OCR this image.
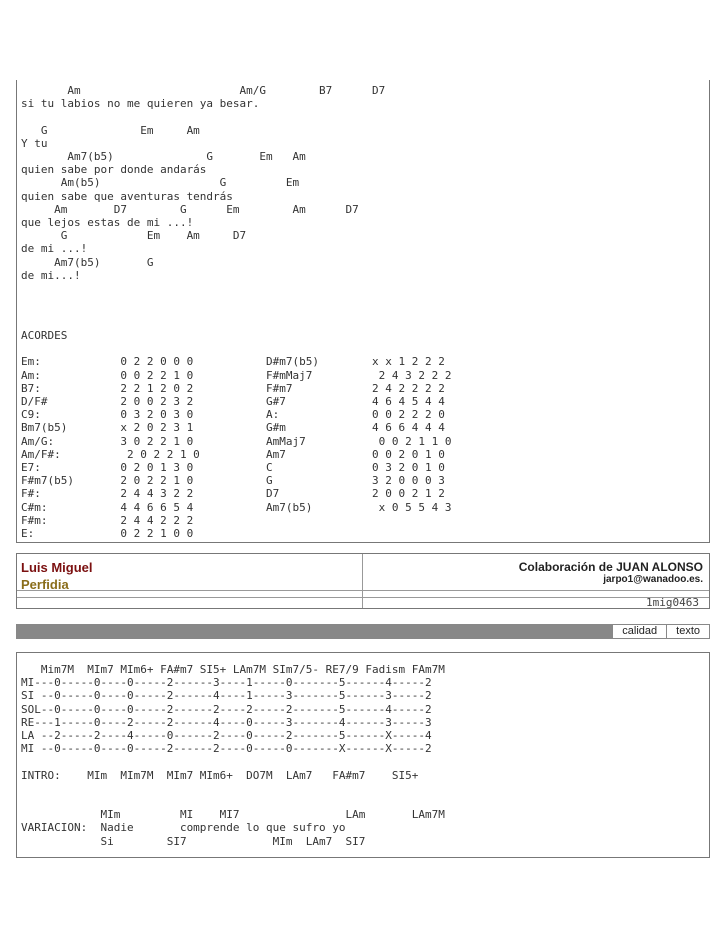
Am                        Am/G        B7      D7
si tu labios no me quieren ya besar.

G              Em     Am
Y tu
Am7(b5)              G       Em   Am
quien sabe por donde andarás
Am(b5)                  G         Em
quien sabe que aventuras tendrás
Am       D7        G      Em        Am      D7
que lejos estas de mi ...!
G            Em    Am     D7
de mi ...!
Am7(b5)       G
de mi...!
ACORDES

Em:            0 2 2 0 0 0           D#m7(b5)        x x 1 2 2 2
Am:            0 0 2 2 1 0           F#mMaj7          2 4 3 2 2 2
B7:            2 2 1 2 0 2           F#m7            2 4 2 2 2 2
D/F#           2 0 0 2 3 2           G#7             4 6 4 5 4 4
C9:            0 3 2 0 3 0           A:              0 0 2 2 2 0
Bm7(b5)        x 2 0 2 3 1           G#m             4 6 6 4 4 4
Am/G:          3 0 2 2 1 0           AmMaj7           0 0 2 1 1 0
Am/F#:          2 0 2 2 1 0          Am7             0 0 2 0 1 0
E7:            0 2 0 1 3 0           C               0 3 2 0 1 0
F#m7(b5)       2 0 2 2 1 0           G               3 2 0 0 0 3
F#:            2 4 4 3 2 2           D7              2 0 0 2 1 2
C#m:           4 4 6 6 5 4           Am7(b5)          x 0 5 5 4 3
F#m:           2 4 4 2 2 2
E:             0 2 2 1 0 0
Luis Miguel
Perfidia
Colaboración de JUAN ALONSO
jarpo1@wanadoo.es.
1mig0463
calidad	texto
Mim7M  MIm7 MIm6+ FA#m7 SI5+ LAm7M SIm7/5- RE7/9 Fadism FAm7M
MI---0-----0----0-----2------3----1-----0-------5------4-----2
SI --0-----0----0-----2------4----1-----3-------5------3-----2
SOL--0-----0----0-----2------2----2-----2-------5------4-----2
RE---1-----0----2-----2------4----0-----3-------4------3-----3
LA --2-----2----4-----0------2----0-----2-------5------X-----4
MI --0-----0----0-----2------2----0-----0-------X------X-----2

INTRO:    MIm  MIm7M  MIm7 MIm6+  DO7M  LAm7   FA#m7    SI5+

MIm         MI    MI7                LAm       LAm7M
VARIACION:  Nadie       comprende lo que sufro yo
Si        SI7             MIm  LAm7  SI7
